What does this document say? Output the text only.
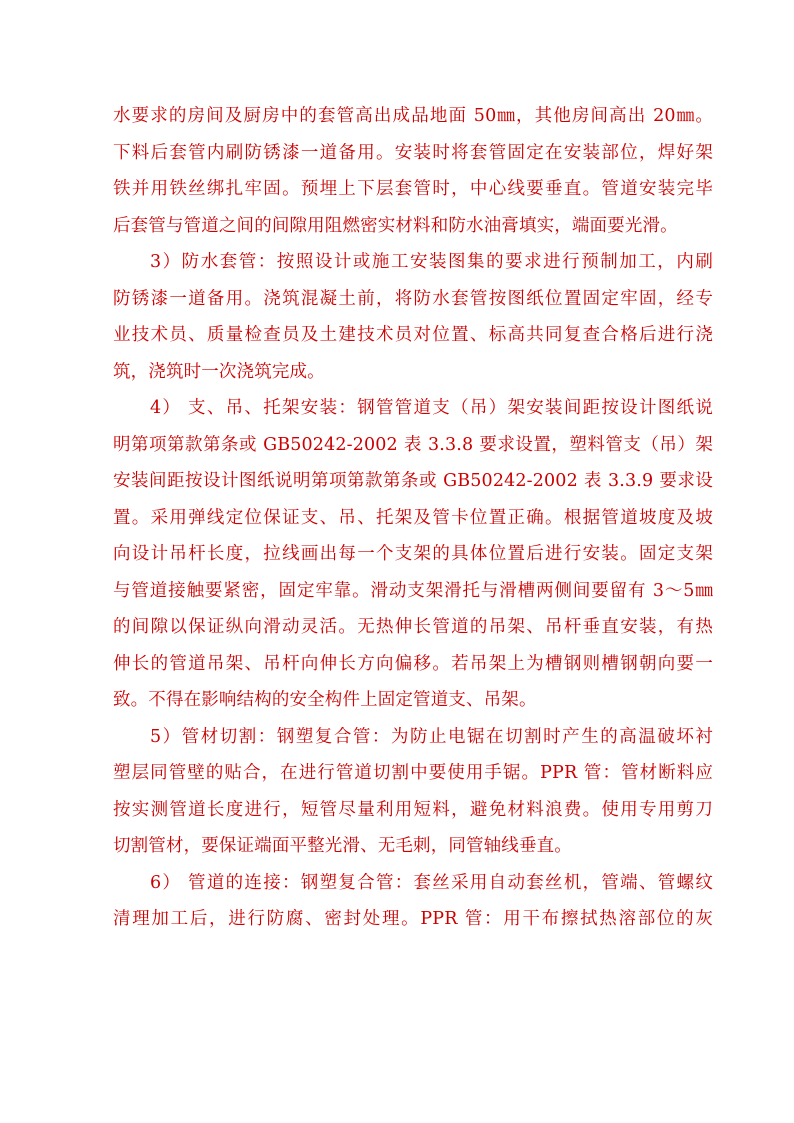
水要求的房间及厨房中的套管高出成品地面 50㎜，其他房间高出 20㎜。
下料后套管内刷防锈漆一道备用。安装时将套管固定在安装部位，焊好架
铁并用铁丝绑扎牢固。预埋上下层套管时，中心线要垂直。管道安装完毕
后套管与管道之间的间隙用阻燃密实材料和防水油膏填实，端面要光滑。
3）防水套管：按照设计或施工安装图集的要求进行预制加工，内刷
防锈漆一道备用。浇筑混凝土前，将防水套管按图纸位置固定牢固，经专
业技术员、质量检查员及土建技术员对位置、标高共同复查合格后进行浇
筑，浇筑时一次浇筑完成。
4） 支、吊、托架安装：钢管管道支（吊）架安装间距按设计图纸说
明第项第款第条或 GB50242-2002 表 3.3.8 要求设置，塑料管支（吊）架
安装间距按设计图纸说明第项第款第条或 GB50242-2002 表 3.3.9 要求设
置。采用弹线定位保证支、吊、托架及管卡位置正确。根据管道坡度及坡
向设计吊杆长度，拉线画出每一个支架的具体位置后进行安装。固定支架
与管道接触要紧密，固定牢靠。滑动支架滑托与滑槽两侧间要留有 3～5㎜
的间隙以保证纵向滑动灵活。无热伸长管道的吊架、吊杆垂直安装，有热
伸长的管道吊架、吊杆向伸长方向偏移。若吊架上为槽钢则槽钢朝向要一
致。不得在影响结构的安全构件上固定管道支、吊架。
5）管材切割：钢塑复合管：为防止电锯在切割时产生的高温破坏衬
塑层同管壁的贴合，在进行管道切割中要使用手锯。PPR 管：管材断料应
按实测管道长度进行，短管尽量利用短料，避免材料浪费。使用专用剪刀
切割管材，要保证端面平整光滑、无毛刺，同管轴线垂直。
6） 管道的连接：钢塑复合管：套丝采用自动套丝机，管端、管螺纹
清理加工后，进行防腐、密封处理。PPR 管：用干布擦拭热溶部位的灰
